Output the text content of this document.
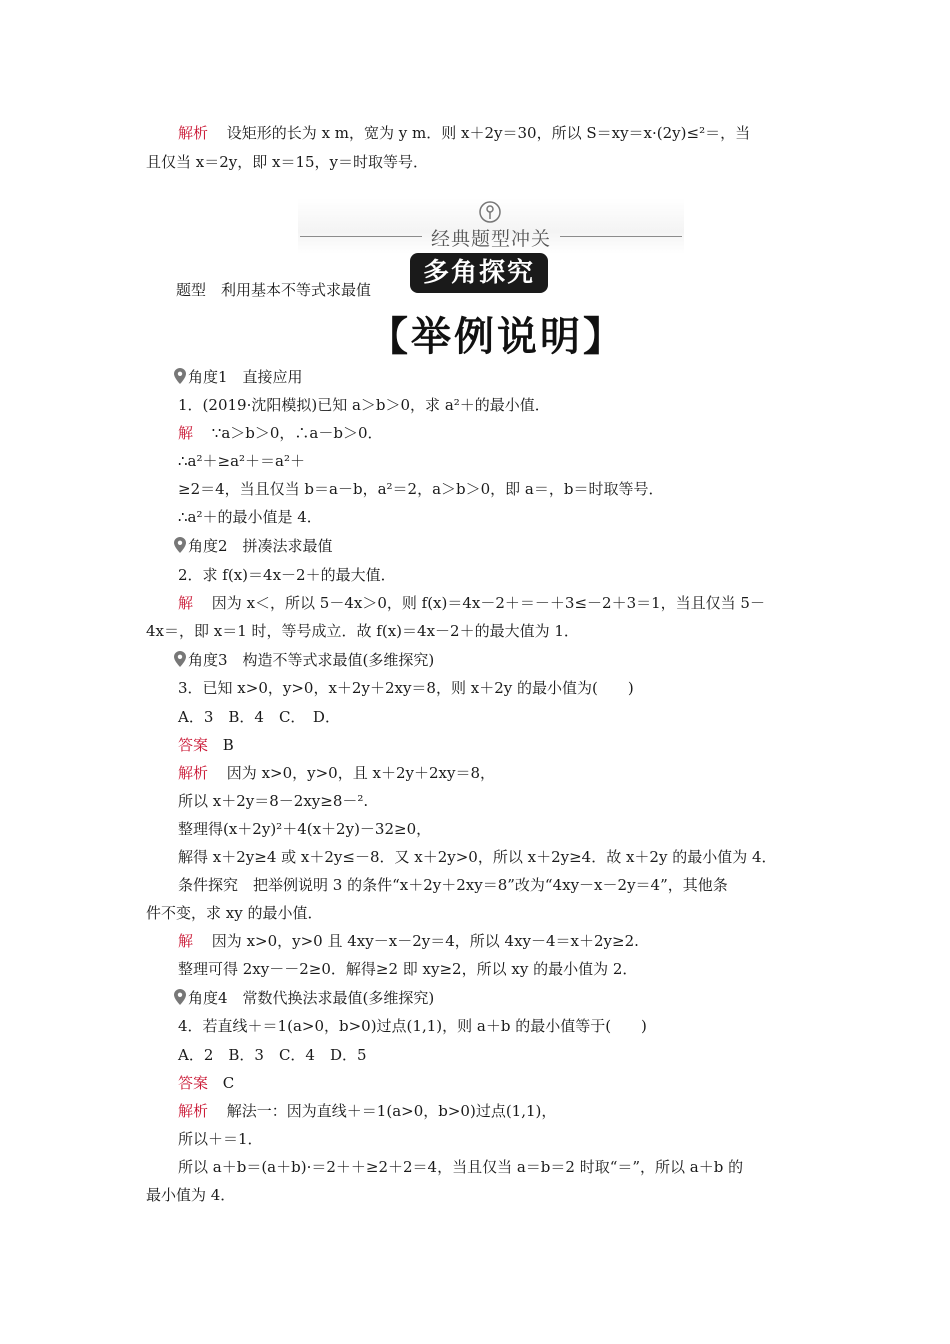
解析 设矩形的长为 x m，宽为 y m．则 x＋2y＝30，所以 S＝xy＝x·(2y)≤²＝，当
且仅当 x＝2y，即 x＝15，y＝时取等号．
经典题型冲关
题型　利用基本不等式求最值
多角探究
【举例说明】
角度1　直接应用
1．(2019·沈阳模拟)已知 a＞b＞0，求 a²＋的最小值．
解 ∵a＞b＞0，∴a－b＞0．
∴a²＋≥a²＋＝a²＋
≥2＝4，当且仅当 b＝a－b，a²＝2，a＞b＞0，即 a＝，b＝时取等号．
∴a²＋的最小值是 4．
角度2　拼凑法求最值
2．求 f(x)＝4x－2＋的最大值．
解 因为 x＜，所以 5－4x＞0，则 f(x)＝4x－2＋＝－＋3≤－2＋3＝1，当且仅当 5－
4x＝，即 x＝1 时，等号成立．故 f(x)＝4x－2＋的最大值为 1．
角度3　构造不等式求最值(多维探究)
3．已知 x>0，y>0，x＋2y＋2xy＝8，则 x＋2y 的最小值为(　　)
A．3　B．4　C．　D．
答案 B
解析 因为 x>0，y>0，且 x＋2y＋2xy＝8，
所以 x＋2y＝8－2xy≥8－².
整理得(x＋2y)²＋4(x＋2y)－32≥0，
解得 x＋2y≥4 或 x＋2y≤－8．又 x＋2y>0，所以 x＋2y≥4．故 x＋2y 的最小值为 4．
条件探究　把举例说明 3 的条件“x＋2y＋2xy＝8”改为“4xy－x－2y＝4”，其他条
件不变，求 xy 的最小值．
解 因为 x>0，y>0 且 4xy－x－2y＝4，所以 4xy－4＝x＋2y≥2.
整理可得 2xy－－2≥0．解得≥2 即 xy≥2，所以 xy 的最小值为 2．
角度4　常数代换法求最值(多维探究)
4．若直线＋＝1(a>0，b>0)过点(1,1)，则 a＋b 的最小值等于(　　)
A．2　B．3　C．4　D．5
答案 C
解析 解法一：因为直线＋＝1(a>0，b>0)过点(1,1)，
所以＋＝1．
所以 a＋b＝(a＋b)·＝2＋＋≥2＋2＝4，当且仅当 a＝b＝2 时取“＝”，所以 a＋b 的
最小值为 4．
